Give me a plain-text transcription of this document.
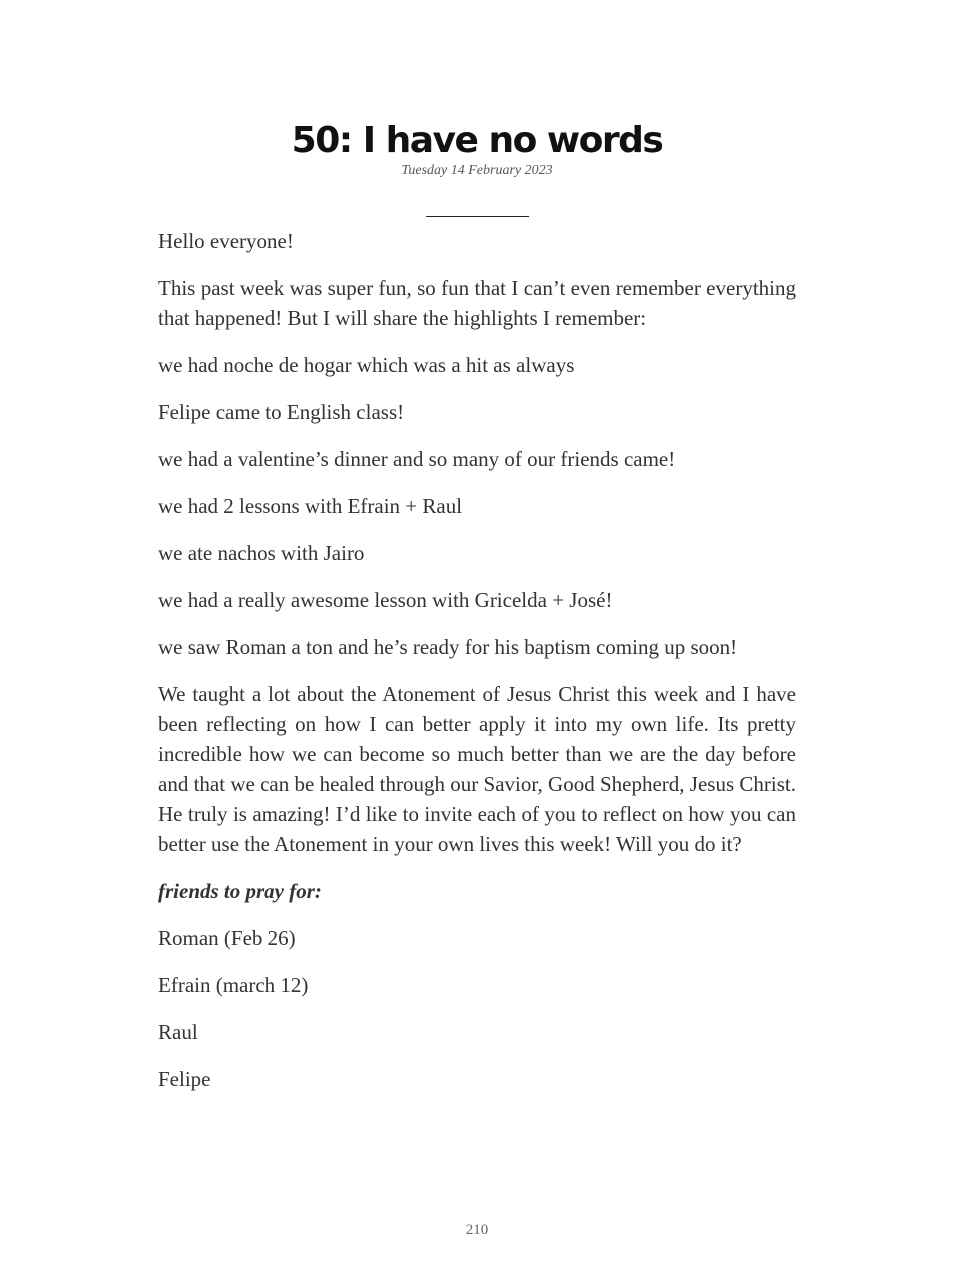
50: I have no words
Tuesday 14 February 2023

Hello everyone!

This past week was super fun, so fun that I can’t even remember everything that happened! But I will share the highlights I remember:

we had noche de hogar which was a hit as always

Felipe came to English class!

we had a valentine’s dinner and so many of our friends came!

we had 2 lessons with Efrain + Raul

we ate nachos with Jairo

we had a really awesome lesson with Gricelda + José!

we saw Roman a ton and he’s ready for his baptism coming up soon!

We taught a lot about the Atonement of Jesus Christ this week and I have been reflecting on how I can better apply it into my own life. Its pretty incredible how we can become so much better than we are the day before and that we can be healed through our Savior, Good Shepherd, Jesus Christ. He truly is amazing! I’d like to invite each of you to reflect on how you can better use the Atonement in your own lives this week! Will you do it?

friends to pray for:

Roman (Feb 26)

Efrain (march 12)

Raul

Felipe

210
